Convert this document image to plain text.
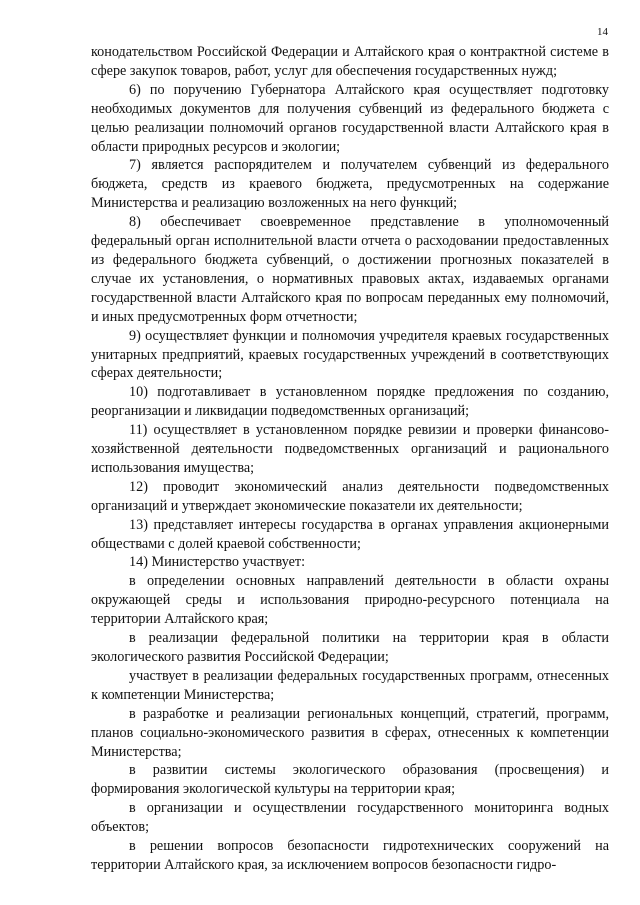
14

конодательством Российской Федерации и Алтайского края о контрактной системе в сфере закупок товаров, работ, услуг для обеспечения государственных нужд;

6) по поручению Губернатора Алтайского края осуществляет подготовку необходимых документов для получения субвенций из федерального бюджета с целью реализации полномочий органов государственной власти Алтайского края в области природных ресурсов и экологии;

7) является распорядителем и получателем субвенций из федерального бюджета, средств из краевого бюджета, предусмотренных на содержание Министерства и реализацию возложенных на него функций;

8) обеспечивает своевременное представление в уполномоченный федеральный орган исполнительной власти отчета о расходовании предоставленных из федерального бюджета субвенций, о достижении прогнозных показателей в случае их установления, о нормативных правовых актах, издаваемых органами государственной власти Алтайского края по вопросам переданных ему полномочий, и иных предусмотренных форм отчетности;

9) осуществляет функции и полномочия учредителя краевых государственных унитарных предприятий, краевых государственных учреждений в соответствующих сферах деятельности;

10) подготавливает в установленном порядке предложения по созданию, реорганизации и ликвидации подведомственных организаций;

11) осуществляет в установленном порядке ревизии и проверки финансово-хозяйственной деятельности подведомственных организаций и рационального использования имущества;

12) проводит экономический анализ деятельности подведомственных организаций и утверждает экономические показатели их деятельности;

13) представляет интересы государства в органах управления акционерными обществами с долей краевой собственности;

14) Министерство участвует:

в определении основных направлений деятельности в области охраны окружающей среды и использования природно-ресурсного потенциала на территории Алтайского края;

в реализации федеральной политики на территории края в области экологического развития Российской Федерации;

участвует в реализации федеральных государственных программ, отнесенных к компетенции Министерства;

в разработке и реализации региональных концепций, стратегий, программ, планов социально-экономического развития в сферах, отнесенных к компетенции Министерства;

в развитии системы экологического образования (просвещения) и формирования экологической культуры на территории края;

в организации и осуществлении государственного мониторинга водных объектов;

в решении вопросов безопасности гидротехнических сооружений на территории Алтайского края, за исключением вопросов безопасности гидро-
